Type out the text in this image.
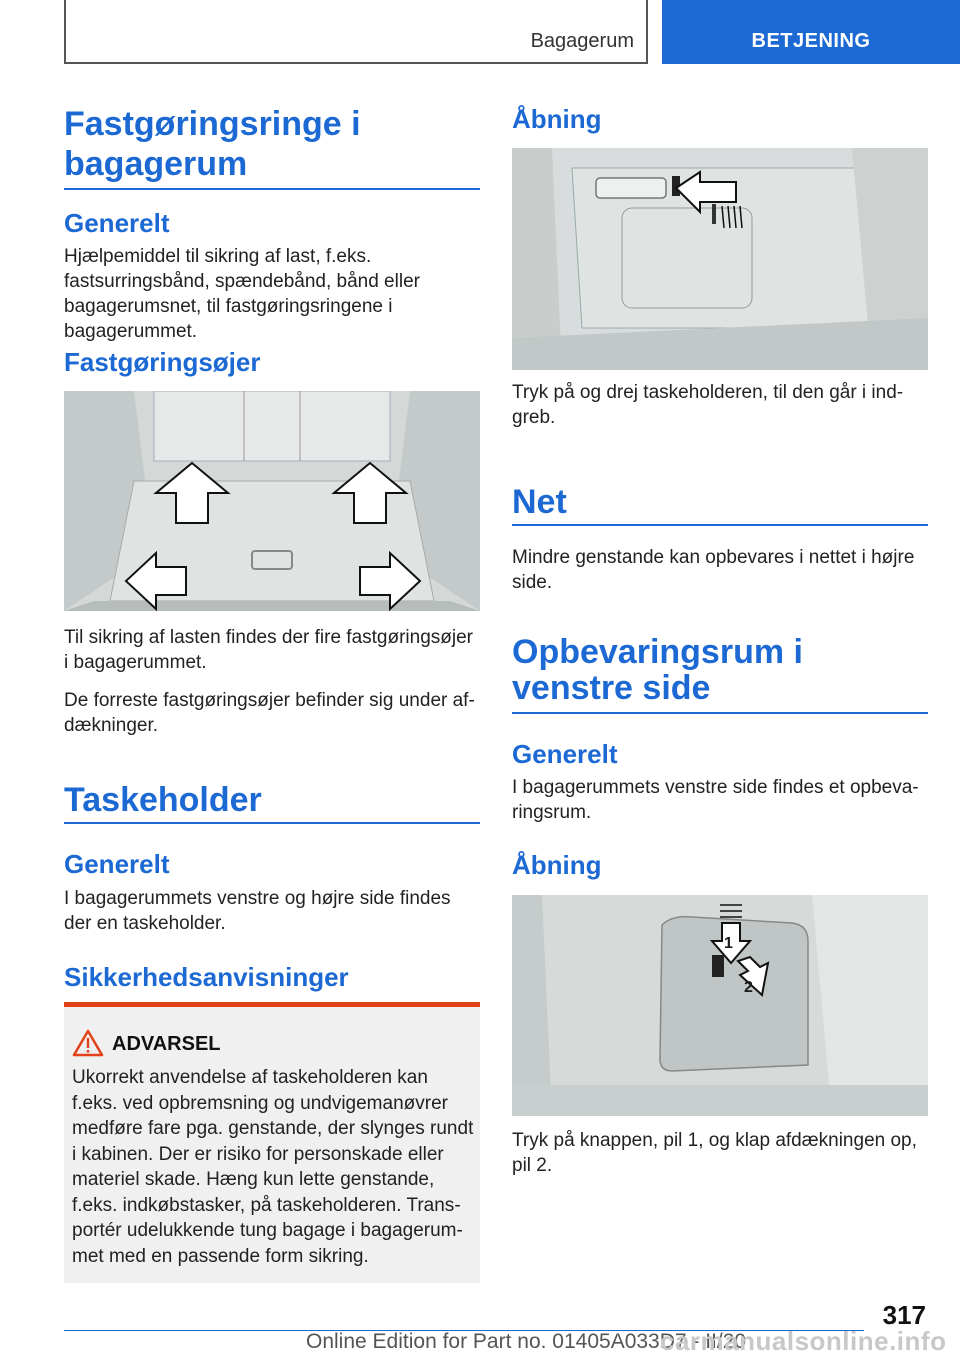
Bagagerum	BETJENING
Fastgøringsringe i bagagerum
Generelt

Hjælpemiddel til sikring af last, f.eks. fastsurringsbånd, spændebånd, bånd eller bagagerumsnet, til fastgøringsringene i bagagerummet.

Fastgøringsøjer

Til sikring af lasten findes der fire fastgøringsøjer i bagagerummet.

De forreste fastgøringsøjer befinder sig under afdækninger.

Taskeholder
Generelt

I bagagerummets venstre og højre side findes der en taskeholder.

Sikkerhedsanvisninger
ADVARSEL
Ukorrekt anvendelse af taskeholderen kan f.eks. ved opbremsning og undvigemanøvrer medføre fare pga. genstande, der slynges rundt i kabinen. Der er risiko for personskade eller materiel skade. Hæng kun lette genstande, f.eks. indkøbstasker, på taskeholderen. Transportér udelukkende tung bagage i bagagerummet med en passende form sikring.
Åbning

Tryk på og drej taskeholderen, til den går i indgreb.

Net

Mindre genstande kan opbevares i nettet i højre side.

Opbevaringsrum i venstre side
Generelt

I bagagerummets venstre side findes et opbevaringsrum.

Åbning
1
2

Tryk på knappen, pil 1, og klap afdækningen op, pil 2.

317
Online Edition for Part no. 01405A033D7 - II/20
carmanualsonline.info
